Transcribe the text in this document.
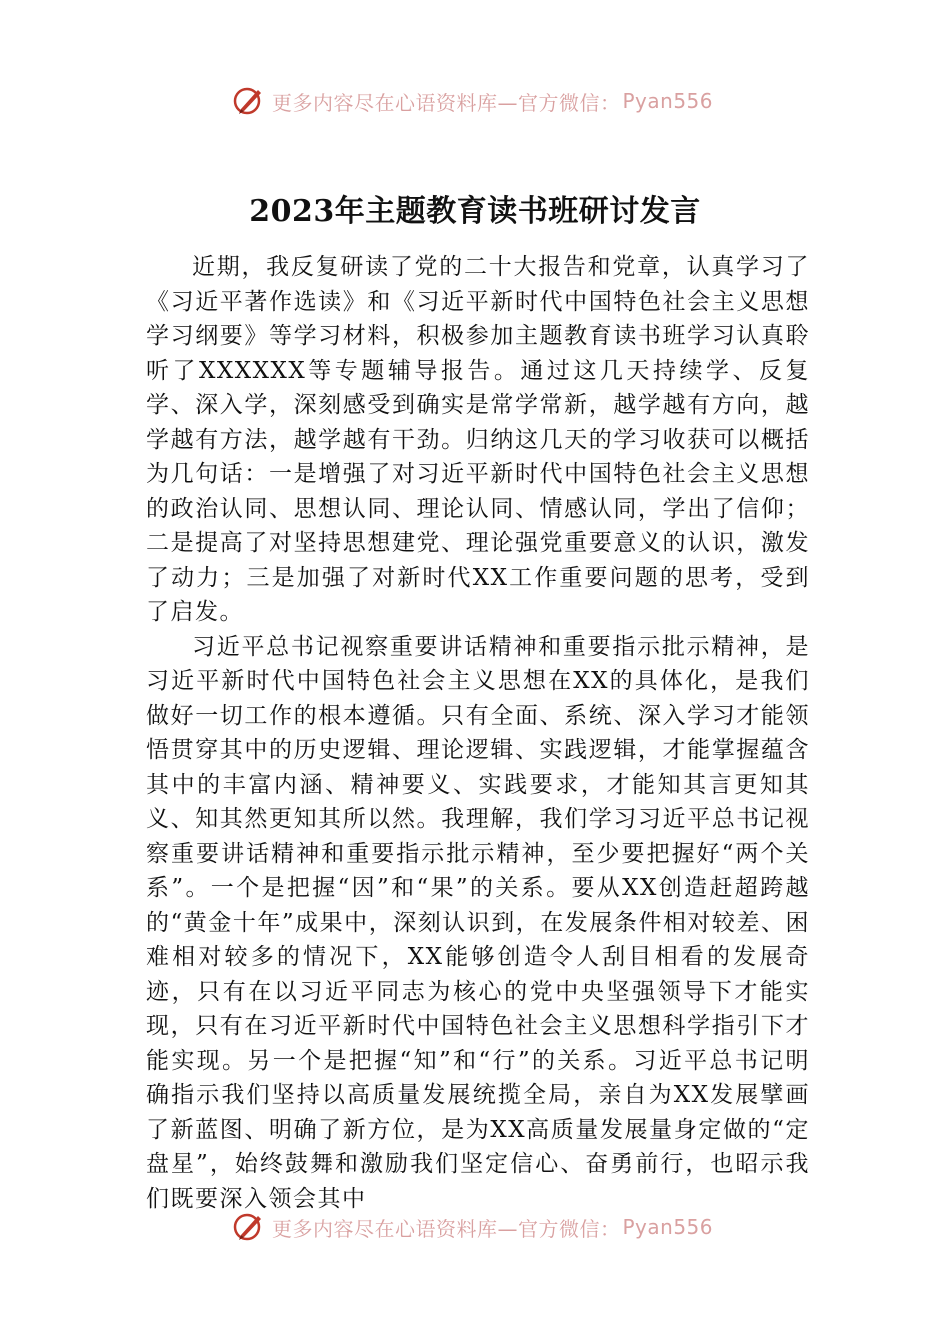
更多内容尽在心语资料库—官方微信： Pyan556
2023年主题教育读书班研讨发言

近期，我反复研读了党的二十大报告和党章，认真学习了《习近平著作选读》和《习近平新时代中国特色社会主义思想学习纲要》等学习材料，积极参加主题教育读书班学习认真聆听了XXXXXX等专题辅导报告。通过这几天持续学、反复学、深入学，深刻感受到确实是常学常新，越学越有方向，越学越有方法，越学越有干劲。归纳这几天的学习收获可以概括为几句话：一是增强了对习近平新时代中国特色社会主义思想的政治认同、思想认同、理论认同、情感认同，学出了信仰；二是提高了对坚持思想建党、理论强党重要意义的认识，激发了动力；三是加强了对新时代XX工作重要问题的思考，受到了启发。

习近平总书记视察重要讲话精神和重要指示批示精神，是习近平新时代中国特色社会主义思想在XX的具体化，是我们做好一切工作的根本遵循。只有全面、系统、深入学习才能领悟贯穿其中的历史逻辑、理论逻辑、实践逻辑，才能掌握蕴含其中的丰富内涵、精神要义、实践要求，才能知其言更知其义、知其然更知其所以然。我理解，我们学习习近平总书记视察重要讲话精神和重要指示批示精神，至少要把握好“两个关系”。一个是把握“因”和“果”的关系。要从XX创造赶超跨越的“黄金十年”成果中，深刻认识到，在发展条件相对较差、困难相对较多的情况下，XX能够创造令人刮目相看的发展奇迹，只有在以习近平同志为核心的党中央坚强领导下才能实现，只有在习近平新时代中国特色社会主义思想科学指引下才能实现。另一个是把握“知”和“行”的关系。习近平总书记明确指示我们坚持以高质量发展统揽全局，亲自为XX发展擘画了新蓝图、明确了新方位，是为XX高质量发展量身定做的“定盘星”，始终鼓舞和激励我们坚定信心、奋勇前行，也昭示我们既要深入领会其中

更多内容尽在心语资料库—官方微信： Pyan556
